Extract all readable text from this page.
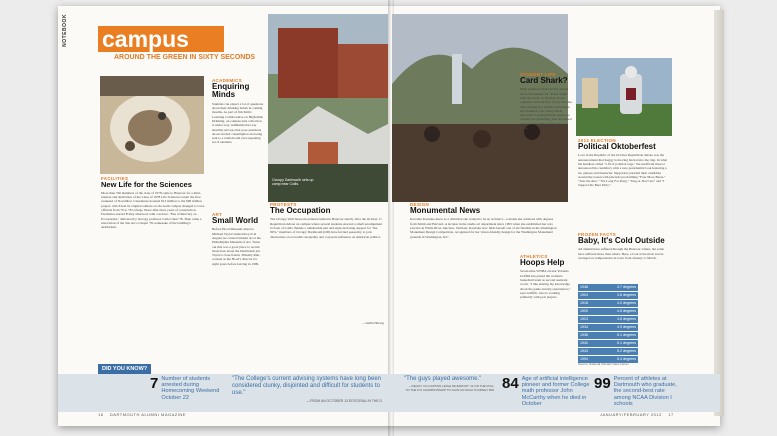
NOTEBOOK campus
AROUND THE GREEN IN SIXTY SECONDS
FACILITIES
New Life for the Sciences
More than 350 members of the class of 1978 came to Hanover for a mini-reunion and dedication of the Class of 1978 Life Sciences Center the first weekend of November. Classmates donated $13 million to the $99 million project, which had its original address on the north campus changed to town officials from 70 to 78 College Street after three years of construction. Festivities started Friday afternoon with a lecture, "Fun of Mercury on Ecosystems," delivered by biology professor Celia Chen '78. Then came a renovation of the San Arco Chapel '78, namesake of the building's auditorium.
ACADEMICS
Enquiring Minds
Students can expect a lot of questions about their drinking habits in coming months. As part of Jim Kim's Learning Collaborative on High-Risk Drinking, on-campus data collection is under way. Administrators say monthly surveys that pose questions about alcohol consumption are being sent to a random and ever-repeating set of students.
ART
Small World
Before Hood Museum director Michael Taylor landed the job in August, he curated student art at the Philadelphia Museum of Art. Turns out that was a good place to recruit mode lists about the Dartmouth job. Taylor's close friend, Timothy Rub, worked as the Hood's director for eight years before leaving in 1999.
Occupy Dartmouth sets up camp near Collis.
PROTESTS
The Occupation
The Occupy Wall Street movement landed in Hanover shortly after the October 11 Republican debate on campus where several students enacted a small encampment in front of Collis. Beside a ramshackle tent and signs declaring support for "the 99%," members of Occupy Dartmouth (OD) have invited passersby to join discussions on economic inequality and corporate influence on American politics.
—Judith Hertog
DID YOU KNOW?
7 Number of students arrested during Homecoming Weekend October 22
"The College's current advising systems have long been considered clunky, disjointed and difficult for students to use."
—FROM AN OCTOBER 13 EDITORIAL IN THE D
16 DARTMOUTH ALUMNI MAGAZINE
DESIGN
Monumental News
Karolina Kawiaka knew as a child that she wanted to be an architect—a dream she achieved with degrees from Smith and Harvard. A lecturer in the studio art department since 1993 when she established her solo practice in White River Junction, Vermont, Kawiaka now finds herself one of six finalists in the Washington Monument Design Competition, recognized for her vision-friendly design for the Washington Monument grounds in Washington, D.C.
STUDENT LIFE
Card Shark?
Math professor Erik van Erp joined about 50 students for "Poker Night with the Profs" in October. Event organizer Xiaolan Yan '15 got the idea after playing in a similar tournament his freshman year. Using funds allocated to undergraduate residence winners programming, Yan purchased prizes for the McLaughlin Cluster event.
ATHLETICS
Hoops Help
Seven-time WNBA all-star Yolanda Griffith has joined the women's basketball team as second assistant coach. "I like sharing my knowledge about the game and my experiences," says Griffith, who is working primarily with post players.
2012 ELECTION
Political Oktoberfest
Love in the Republic of the October Republican debate was the announcement that Keggy is moving his hat into the ring. In what his handlers called "a fit of political rage," the unofficial mascot announced his candidacy with a new presidential look featuring a tie, glasses and mustache. Supporters paraded their candidate around the Green with placards proclaiming "Four More Beers," "Tear the Abs," "We Long For Pong," "Keg-A-Not Care" and "I Support the Beer Party."
FROZEN FACTS
Baby, It's Cold Outside
All alumni have suffered through the Hanover winter, but some have suffered more than others. Here, a look at the most severe average low temperatures in town from January to March.
1948	3.7 degrees
1904	3.6 degrees
1918	4.0 degrees
1920	4.5 degrees
1923	4.8 degrees
1934	4.9 degrees
1936	5.1 degrees
1940	5.1 degrees
1943	5.2 degrees
1994	5.4 degrees
Source: National Climatic Data Center
"The guys played awesome."
—KEGGY CO-CAPTAIN LEIGH MCFARNOT '12 ON THE PULL TO THE D'S CHAMPIONSHIP TO GAIN AN NCAA TOURNEY BID 84 Age of artificial intelligence pioneer and former College math professor John McCarthy when he died in October
99 Percent of athletes at Dartmouth who graduate, the second-best rate among NCAA Division I schools
JANUARY/FEBRUARY 2012 17
